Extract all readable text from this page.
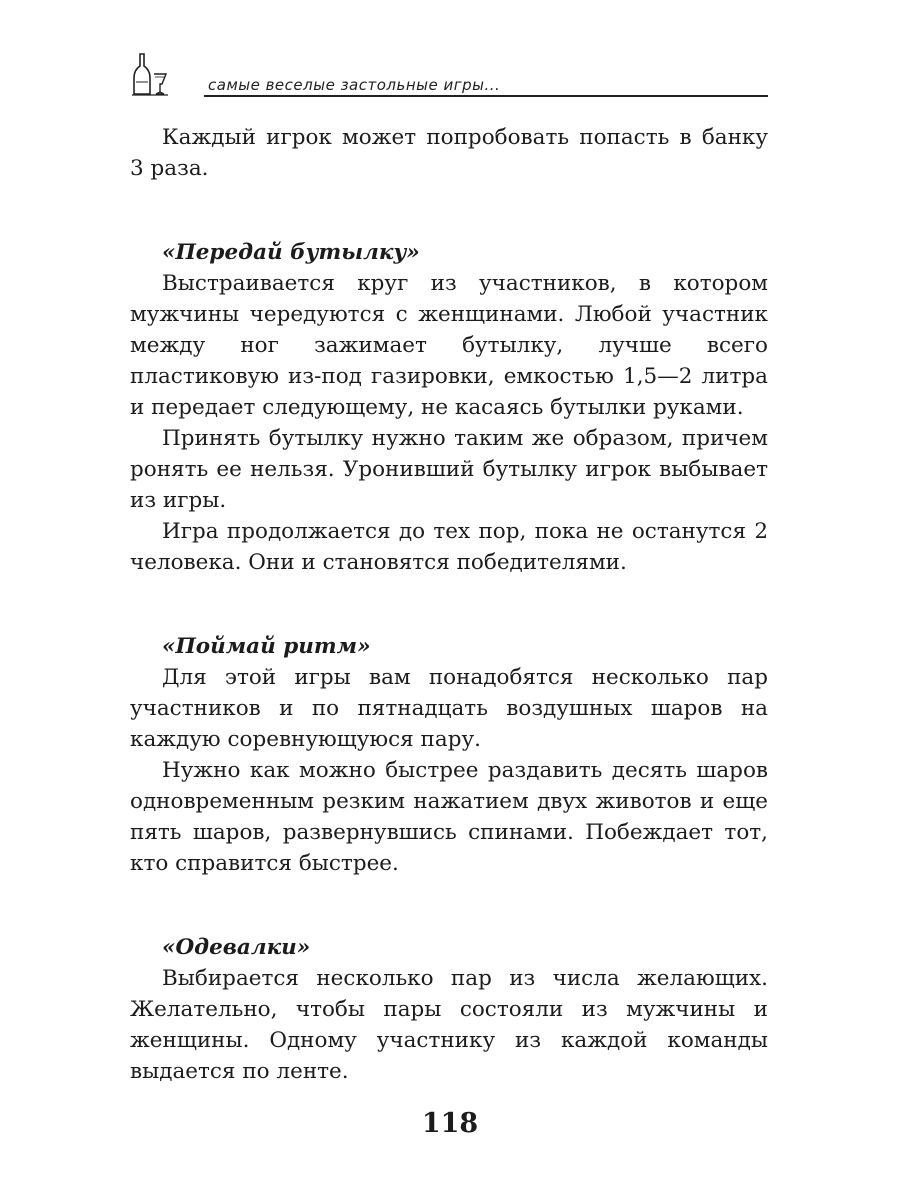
самые веселые застольные игры...

Каждый игрок может попробовать попасть в банку 3 раза.

«Передай бутылку»

Выстраивается круг из участников, в котором мужчины чередуются с женщинами. Любой участник между ног зажимает бутылку, лучше всего пластиковую из-под газировки, емкостью 1,5—2 литра и передает следующему, не касаясь бутылки руками.

Принять бутылку нужно таким же образом, причем ронять ее нельзя. Уронивший бутылку игрок выбывает из игры.

Игра продолжается до тех пор, пока не останутся 2 человека. Они и становятся победителями.

«Поймай ритм»

Для этой игры вам понадобятся несколько пар участников и по пятнадцать воздушных шаров на каждую соревнующуюся пару.

Нужно как можно быстрее раздавить десять шаров одновременным резким нажатием двух животов и еще пять шаров, развернувшись спинами. Побеждает тот, кто справится быстрее.

«Одевалки»

Выбирается несколько пар из числа желающих. Желательно, чтобы пары состояли из мужчины и женщины. Одному участнику из каждой команды выдается по ленте.

118
